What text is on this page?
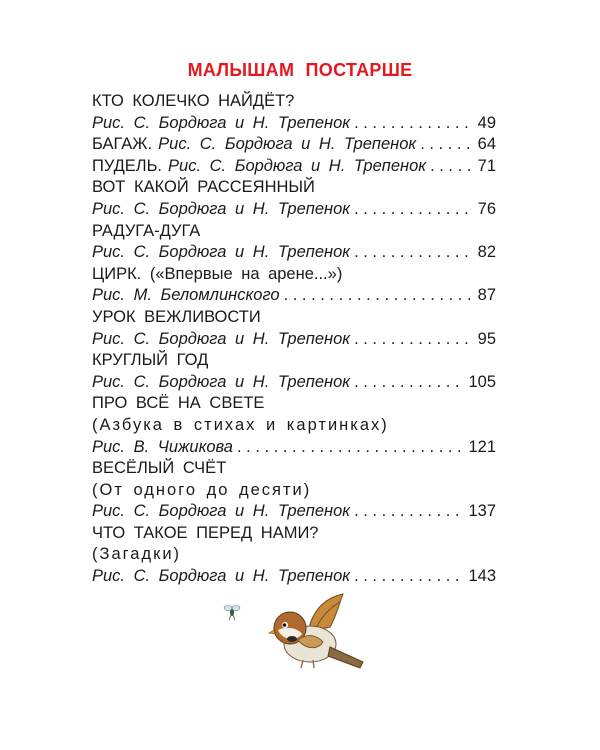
МАЛЫШАМ ПОСТАРШЕ
КТО КОЛЕЧКО НАЙДЁТ?
Рис. С. Бордюга и Н. Трепенок . . .	49
БАГАЖ. Рис. С. Бордюга и Н. Трепенок . . .	64
ПУДЕЛЬ. Рис. С. Бордюга и Н. Трепенок . . .	71
ВОТ КАКОЙ РАССЕЯННЫЙ
Рис. С. Бордюга и Н. Трепенок . . .	76
РАДУГА-ДУГА
Рис. С. Бордюга и Н. Трепенок . . .	82
ЦИРК. («Впервые на арене...»)
Рис. М. Беломлинского . . .	87
УРОК ВЕЖЛИВОСТИ
Рис. С. Бордюга и Н. Трепенок . . .	95
КРУГЛЫЙ ГОД
Рис. С. Бордюга и Н. Трепенок . . .	105
ПРО ВСЁ НА СВЕТЕ
(Азбука в стихах и картинках)
Рис. В. Чижикова . . .	121
ВЕСЁЛЫЙ СЧЁТ
(От одного до десяти)
Рис. С. Бордюга и Н. Трепенок . . .	137
ЧТО ТАКОЕ ПЕРЕД НАМИ?
(Загадки)
Рис. С. Бордюга и Н. Трепенок . . .	143
